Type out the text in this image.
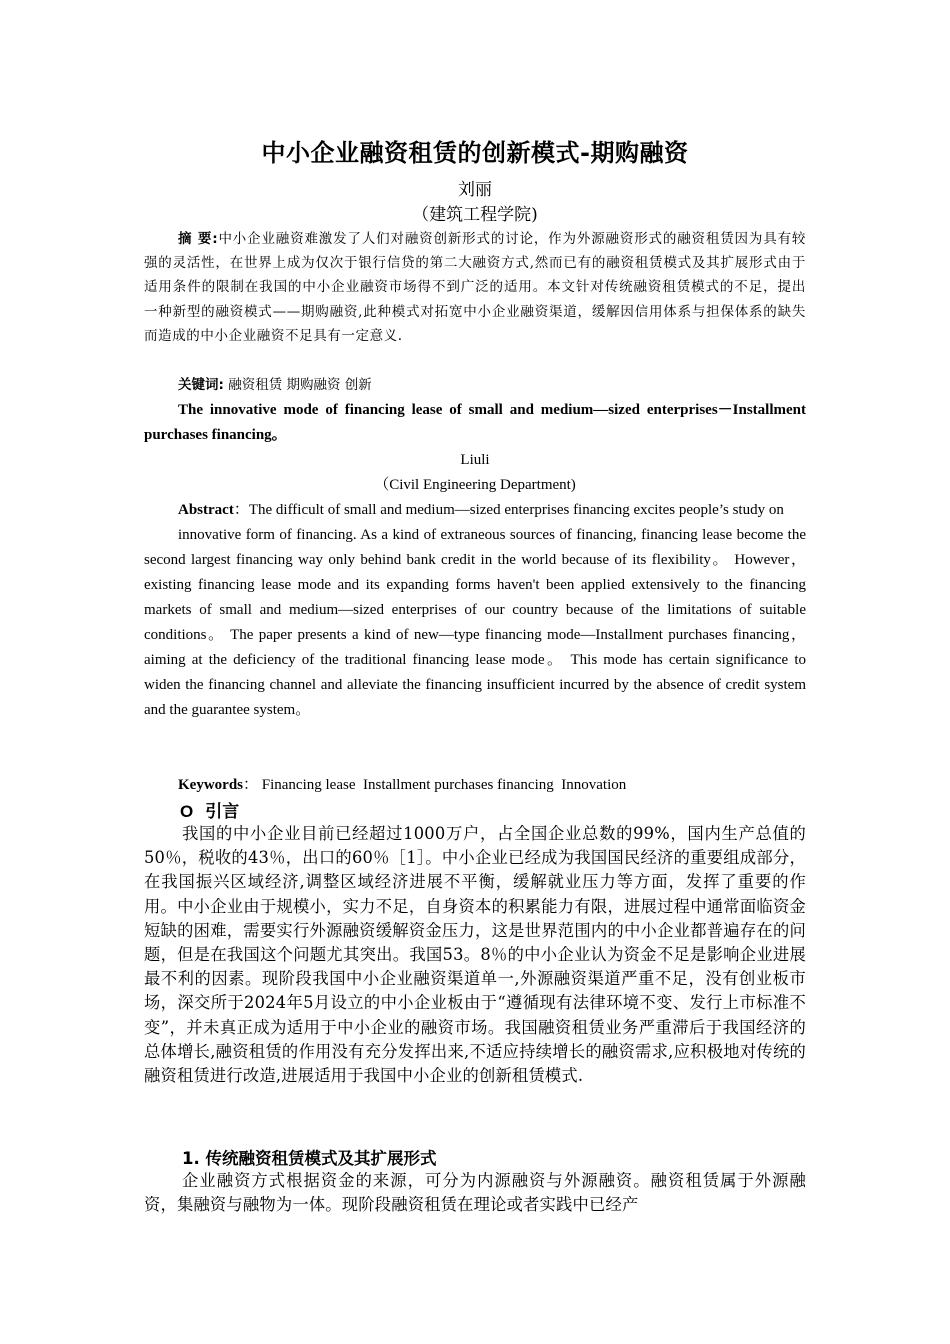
中小企业融资租赁的创新模式-期购融资
刘丽
（建筑工程学院)
摘 要:中小企业融资难激发了人们对融资创新形式的讨论，作为外源融资形式的融资租赁因为具有较强的灵活性，在世界上成为仅次于银行信贷的第二大融资方式,然而已有的融资租赁模式及其扩展形式由于适用条件的限制在我国的中小企业融资市场得不到广泛的适用。本文针对传统融资租赁模式的不足，提出一种新型的融资模式——期购融资,此种模式对拓宽中小企业融资渠道，缓解因信用体系与担保体系的缺失而造成的中小企业融资不足具有一定意义.
关键词: 融资租赁 期购融资 创新
The innovative mode of financing lease of small and medium—sized enterprises－Installment purchases financing。
Liuli
（Civil Engineering Department)

Abstract：The difficult of small and medium—sized enterprises financing excites people’s study on

innovative form of financing. As a kind of extraneous sources of financing, financing lease become the second largest financing way only behind bank credit in the world because of its flexibility。 However， existing financing lease mode and its expanding forms haven't been applied extensively to the financing markets of small and medium—sized enterprises of our country because of the limitations of suitable conditions。 The paper presents a kind of new—type financing mode—Installment purchases financing， aiming at the deficiency of the traditional financing lease mode。 This mode has certain significance to widen the financing channel and alleviate the financing insufficient incurred by the absence of credit system and the guarantee system。

Keywords： Financing lease  Installment purchases financing  Innovation
O 引言
我国的中小企业目前已经超过1000万户，占全国企业总数的99%，国内生产总值的50％，税收的43％，出口的60％［1］。中小企业已经成为我国国民经济的重要组成部分，在我国振兴区域经济,调整区域经济进展不平衡，缓解就业压力等方面，发挥了重要的作用。中小企业由于规模小，实力不足，自身资本的积累能力有限，进展过程中通常面临资金短缺的困难，需要实行外源融资缓解资金压力，这是世界范围内的中小企业都普遍存在的问题，但是在我国这个问题尤其突出。我国53。8％的中小企业认为资金不足是影响企业进展最不利的因素。现阶段我国中小企业融资渠道单一,外源融资渠道严重不足，没有创业板市场，深交所于2024年5月设立的中小企业板由于“遵循现有法律环境不变、发行上市标准不变”，并未真正成为适用于中小企业的融资市场。我国融资租赁业务严重滞后于我国经济的总体增长,融资租赁的作用没有充分发挥出来,不适应持续增长的融资需求,应积极地对传统的融资租赁进行改造,进展适用于我国中小企业的创新租赁模式.
1. 传统融资租赁模式及其扩展形式
企业融资方式根据资金的来源，可分为内源融资与外源融资。融资租赁属于外源融资，集融资与融物为一体。现阶段融资租赁在理论或者实践中已经产
